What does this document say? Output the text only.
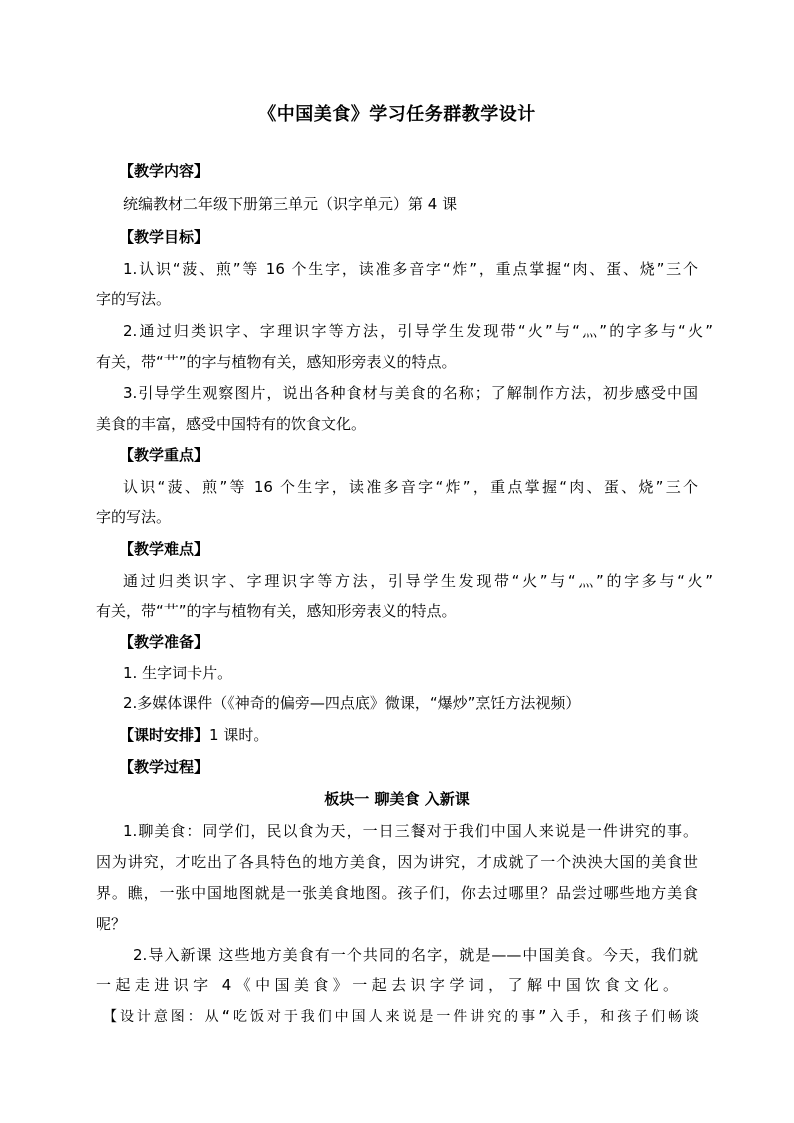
《中国美食》学习任务群教学设计
【教学内容】
统编教材二年级下册第三单元（识字单元）第 4 课
【教学目标】
1.认识“菠、煎”等 16 个生字，读准多音字“炸”，重点掌握“肉、蛋、烧”三个
字的写法。
2.通过归类识字、字理识字等方法，引导学生发现带“火”与“灬”的字多与“火”
有关，带“艹”的字与植物有关，感知形旁表义的特点。
3.引导学生观察图片，说出各种食材与美食的名称；了解制作方法，初步感受中国
美食的丰富，感受中国特有的饮食文化。
【教学重点】
认识“菠、煎”等 16 个生字，读准多音字“炸”，重点掌握“肉、蛋、烧”三个
字的写法。
【教学难点】
通过归类识字、字理识字等方法，引导学生发现带“火”与“灬”的字多与“火”
有关，带“艹”的字与植物有关，感知形旁表义的特点。
【教学准备】
1. 生字词卡片。
2.多媒体课件（《神奇的偏旁—四点底》微课，“爆炒”烹饪方法视频）
【课时安排】1 课时。
【教学过程】
板块一 聊美食 入新课
1.聊美食：同学们，民以食为天，一日三餐对于我们中国人来说是一件讲究的事。
因为讲究，才吃出了各具特色的地方美食，因为讲究，才成就了一个泱泱大国的美食世
界。瞧，一张中国地图就是一张美食地图。孩子们，你去过哪里？品尝过哪些地方美食
呢？
2.导入新课 这些地方美食有一个共同的名字，就是——中国美食。今天，我们就
一起走进识字 4《中国美食》一起去识字学词，了解中国饮食文化。
【设计意图：从“吃饭对于我们中国人来说是一件讲究的事”入手，和孩子们畅谈
